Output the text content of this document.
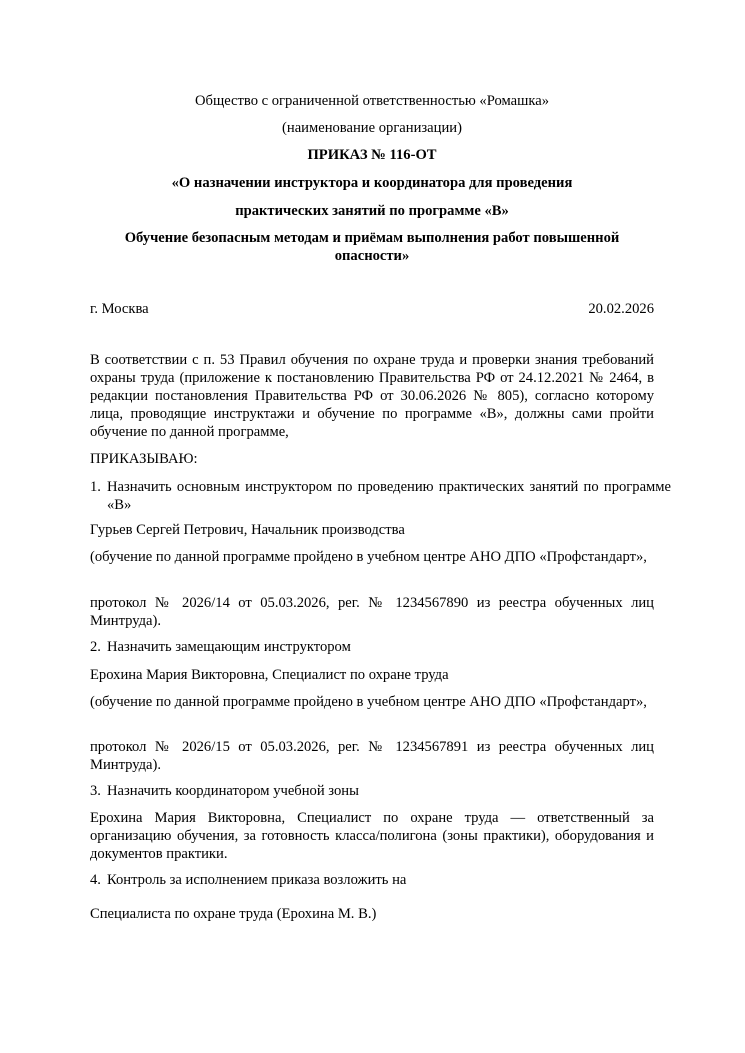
Общество с ограниченной ответственностью «Ромашка»
(наименование организации)
ПРИКАЗ № 116-ОТ
«О назначении инструктора и координатора для проведения
практических занятий по программе «В»
Обучение безопасным методам и приёмам выполнения работ повышенной опасности»
г. Москва	20.02.2026
В соответствии с п. 53 Правил обучения по охране труда и проверки знания требований охраны труда (приложение к постановлению Правительства РФ от 24.12.2021 № 2464, в редакции постановления Правительства РФ от 30.06.2026 № 805), согласно которому лица, проводящие инструктажи и обучение по программе «В», должны сами пройти обучение по данной программе,
ПРИКАЗЫВАЮ:
1. Назначить основным инструктором по проведению практических занятий по программе «В»
Гурьев Сергей Петрович, Начальник производства
(обучение по данной программе пройдено в учебном центре АНО ДПО «Профстандарт»,
протокол № 2026/14 от 05.03.2026, рег. № 1234567890 из реестра обученных лиц Минтруда).
2. Назначить замещающим инструктором
Ерохина Мария Викторовна, Специалист по охране труда
(обучение по данной программе пройдено в учебном центре АНО ДПО «Профстандарт»,
протокол № 2026/15 от 05.03.2026, рег. № 1234567891 из реестра обученных лиц Минтруда).
3. Назначить координатором учебной зоны
Ерохина Мария Викторовна, Специалист по охране труда — ответственный за организацию обучения, за готовность класса/полигона (зоны практики), оборудования и документов практики.
4. Контроль за исполнением приказа возложить на
Специалиста по охране труда (Ерохина М. В.)
